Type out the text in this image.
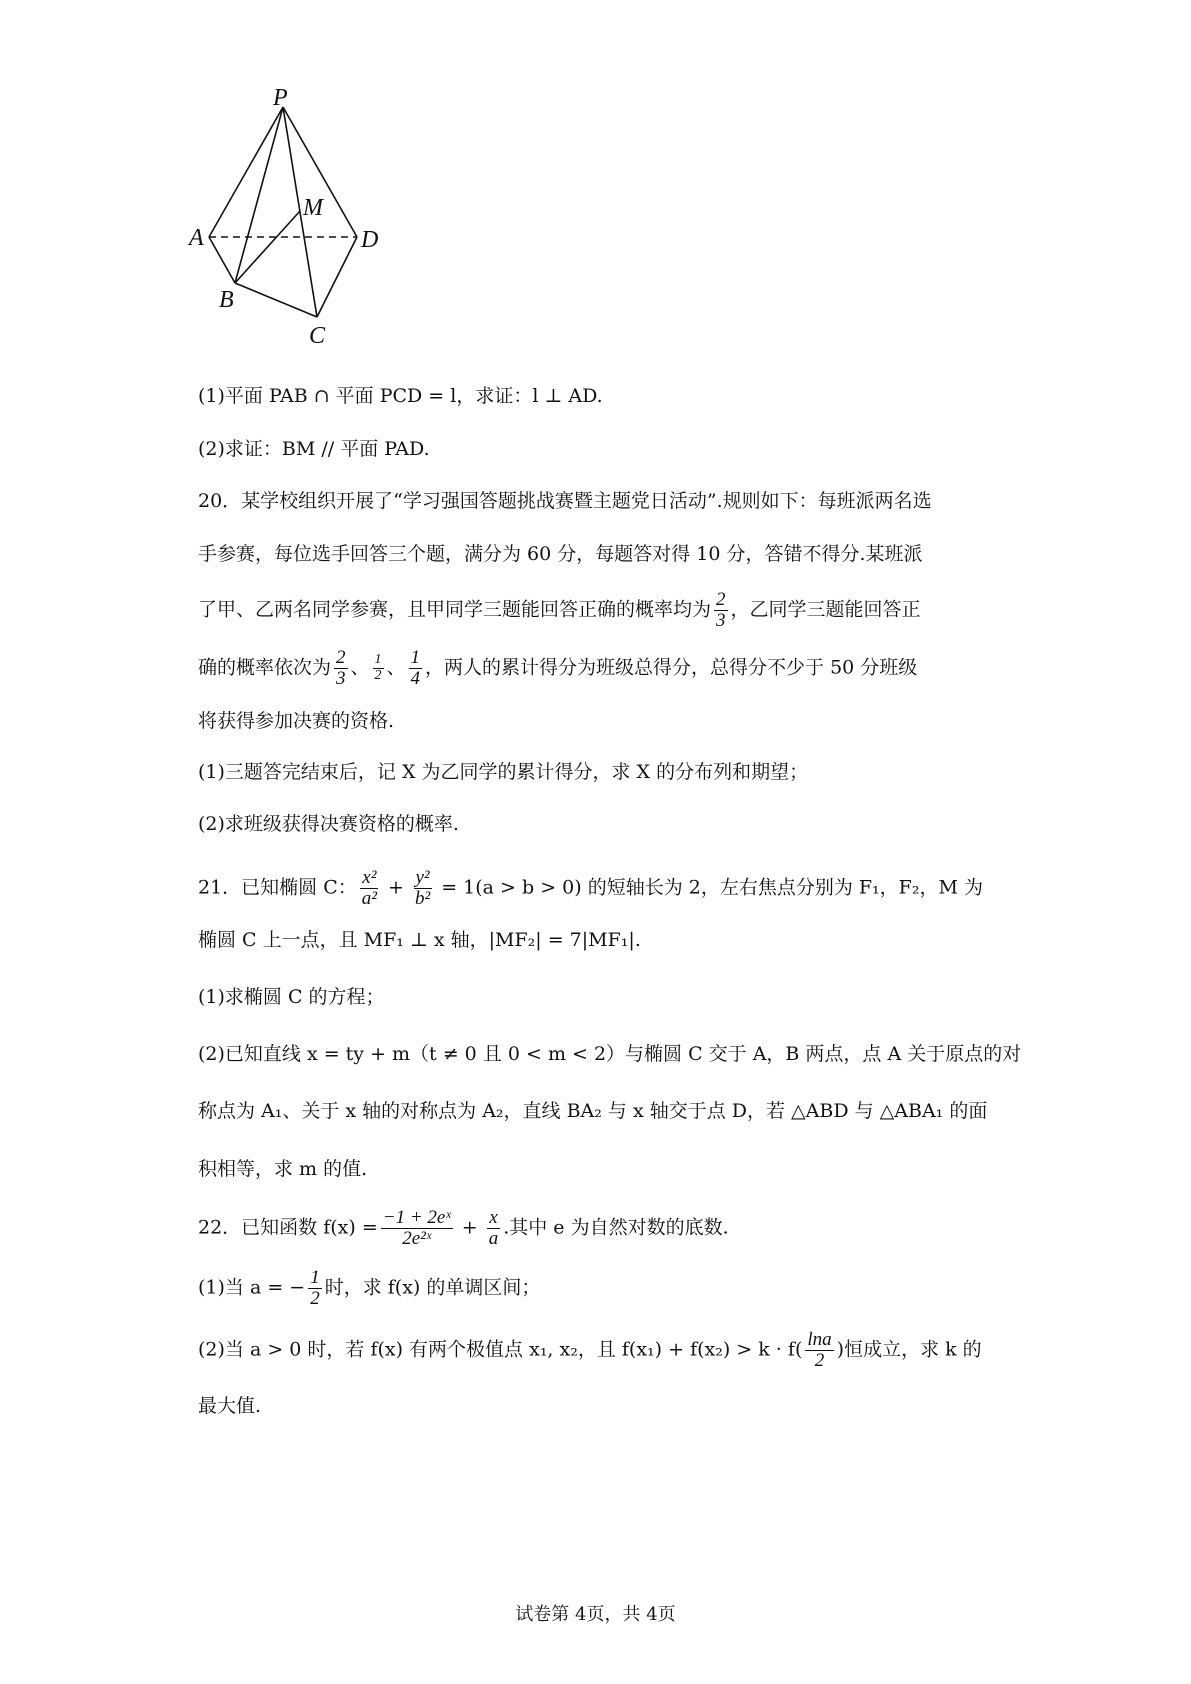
P
M
A	D
B
C
(1)平面 PAB ∩ 平面 PCD = l，求证：l ⊥ AD.
(2)求证：BM // 平面 PAD.
20．某学校组织开展了“学习强国答题挑战赛暨主题党日活动”.规则如下：每班派两名选
手参赛，每位选手回答三个题，满分为 60 分，每题答对得 10 分，答错不得分.某班派
了甲、乙两名同学参赛，且甲同学三题能回答正确的概率均为 $\frac{2}{3}$ ，乙同学三题能回答正
确的概率依次为 $\frac{2}{3}$ 、 $\frac{1}{2}$ 、 $\frac{1}{4}$ ，两人的累计得分为班级总得分，总得分不少于 50 分班级
将获得参加决赛的资格.
(1)三题答完结束后，记 X 为乙同学的累计得分，求 X 的分布列和期望；
(2)求班级获得决赛资格的概率.
21．已知椭圆 C： $\frac{\text{x²}}{\text{a²}} + \frac{\text{y²}}{\text{b²}} = 1(a > b > 0)$ 的短轴长为 2，左右焦点分别为 F₁，F₂，M 为
椭圆 C 上一点，且 MF₁ ⊥ x 轴，|MF₂| = 7|MF₁|.
(1)求椭圆 C 的方程；
(2)已知直线 x = ty + m（t ≠ 0 且 0 < m < 2）与椭圆 C 交于 A，B 两点，点 A 关于原点的对
称点为 A₁、关于 x 轴的对称点为 A₂，直线 BA₂ 与 x 轴交于点 D，若 △ABD 与 △ABA₁ 的面
积相等，求 m 的值.
22．已知函数 $f(x) = \frac{\text{−1 + 2eˣ}}{\text{2e²ˣ}} + \frac{x}{a}$ .其中 e 为自然对数的底数.
(1)当 a = − $\frac{1}{2}$ 时，求 f(x) 的单调区间；
(2)当 a > 0 时，若 f(x) 有两个极值点 x₁, x₂，且 $f(x_1) + f(x_2) > k \cdot f( \frac{\ln a}{2}$ )恒成立，求 k 的
最大值.
试卷第 4页，共 4页
